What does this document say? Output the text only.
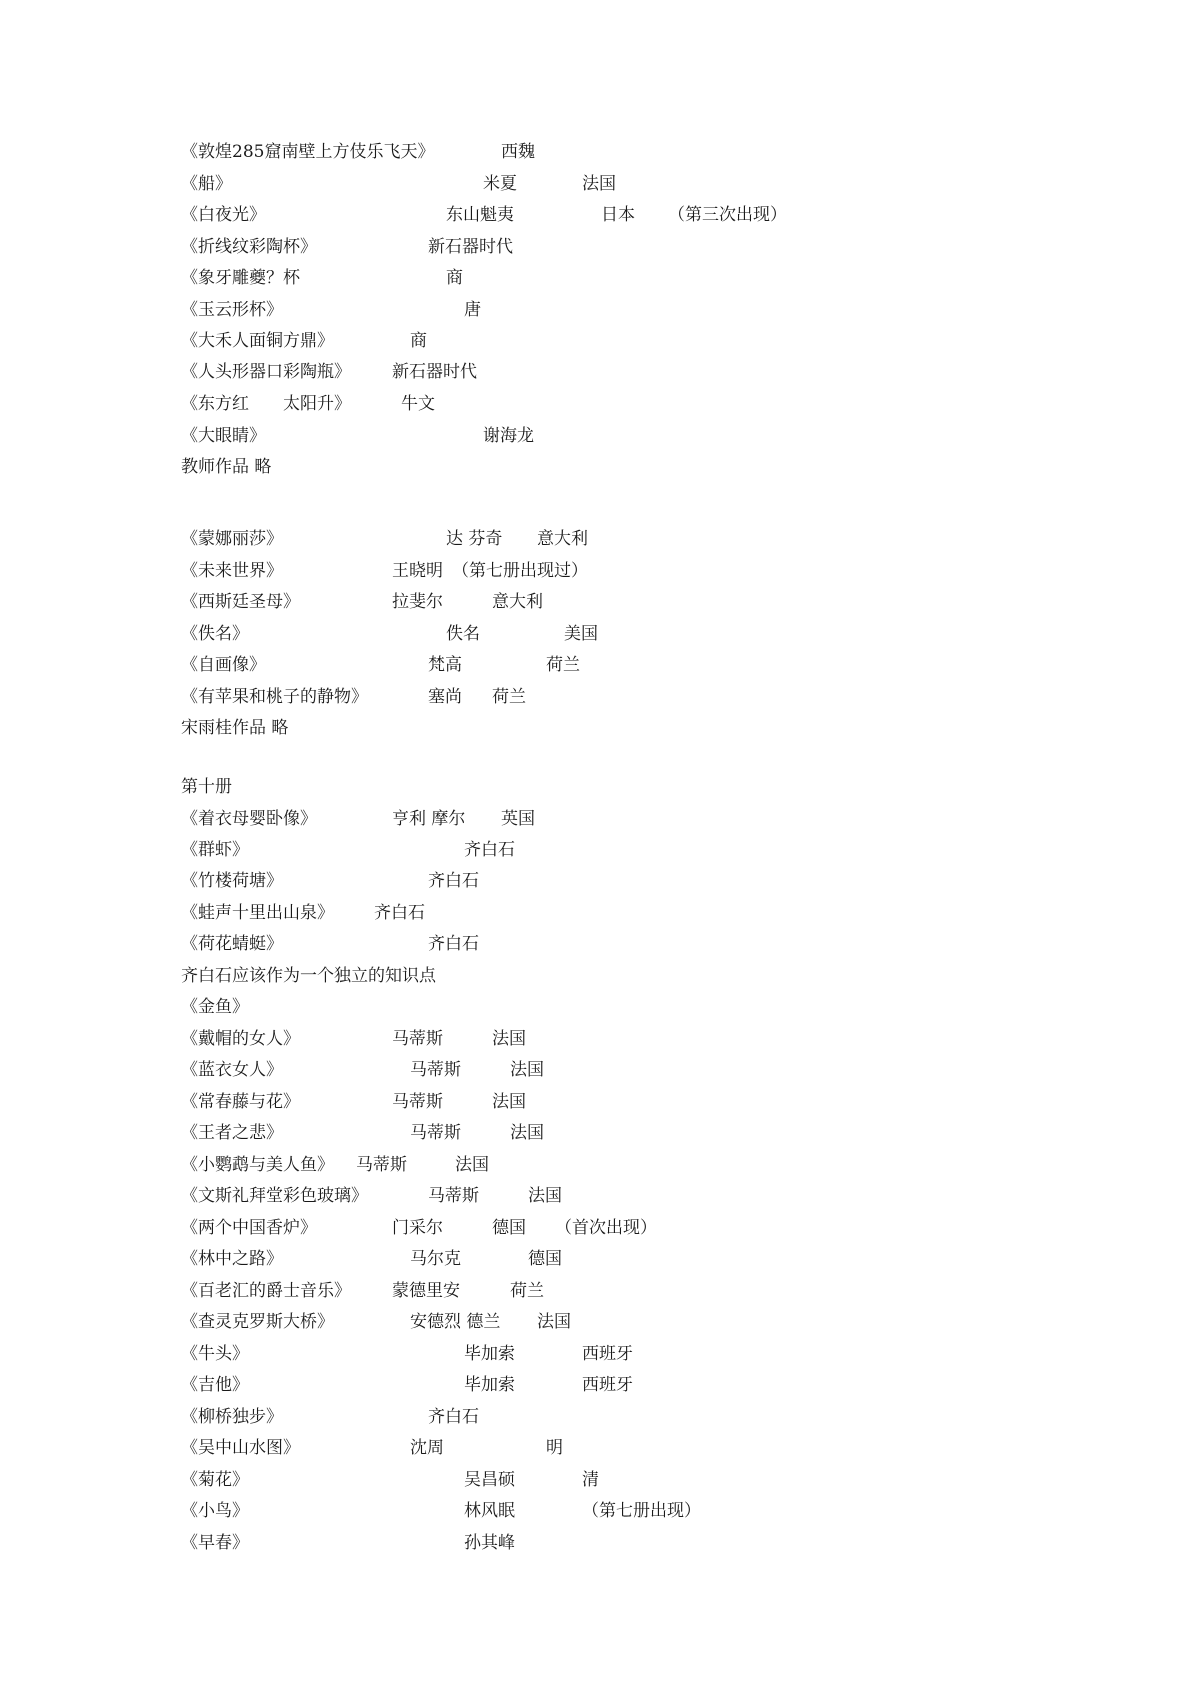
《敦煌285窟南壁上方伎乐飞天》	西魏
《船》	米夏	法国
《白夜光》	东山魁夷	日本 （第三次出现）
《折线纹彩陶杯》	新石器时代
《象牙雕夔？杯	商
《玉云形杯》	唐
《大禾人面铜方鼎》	商
《人头形器口彩陶瓶》 新石器时代
《东方红 太阳升》	牛文
《大眼睛》	谢海龙
教师作品 略
《蒙娜丽莎》	达 芬奇 意大利
《未来世界》	王晓明 （第七册出现过）
《西斯廷圣母》	拉斐尔	意大利
《佚名》	佚名	美国
《自画像》	梵高	荷兰
《有苹果和桃子的静物》	塞尚 荷兰
宋雨桂作品 略
第十册
《着衣母婴卧像》	亨利 摩尔 英国
《群虾》	齐白石
《竹楼荷塘》	齐白石
《蛙声十里出山泉》 齐白石
《荷花蜻蜓》	齐白石
齐白石应该作为一个独立的知识点
《金鱼》
《戴帽的女人》	马蒂斯	法国
《蓝衣女人》	马蒂斯	法国
《常春藤与花》	马蒂斯	法国
《王者之悲》	马蒂斯	法国
《小鹦鹉与美人鱼》 马蒂斯	法国
《文斯礼拜堂彩色玻璃》	马蒂斯	法国
《两个中国香炉》	门采尔	德国 （首次出现）
《林中之路》	马尔克	德国
《百老汇的爵士音乐》 蒙德里安	荷兰
《查灵克罗斯大桥》	安德烈 德兰 法国
《牛头》	毕加索	西班牙
《吉他》	毕加索	西班牙
《柳桥独步》	齐白石
《吴中山水图》	沈周	明
《菊花》	吴昌硕	清
《小鸟》	林风眠	（第七册出现）
《早春》	孙其峰
